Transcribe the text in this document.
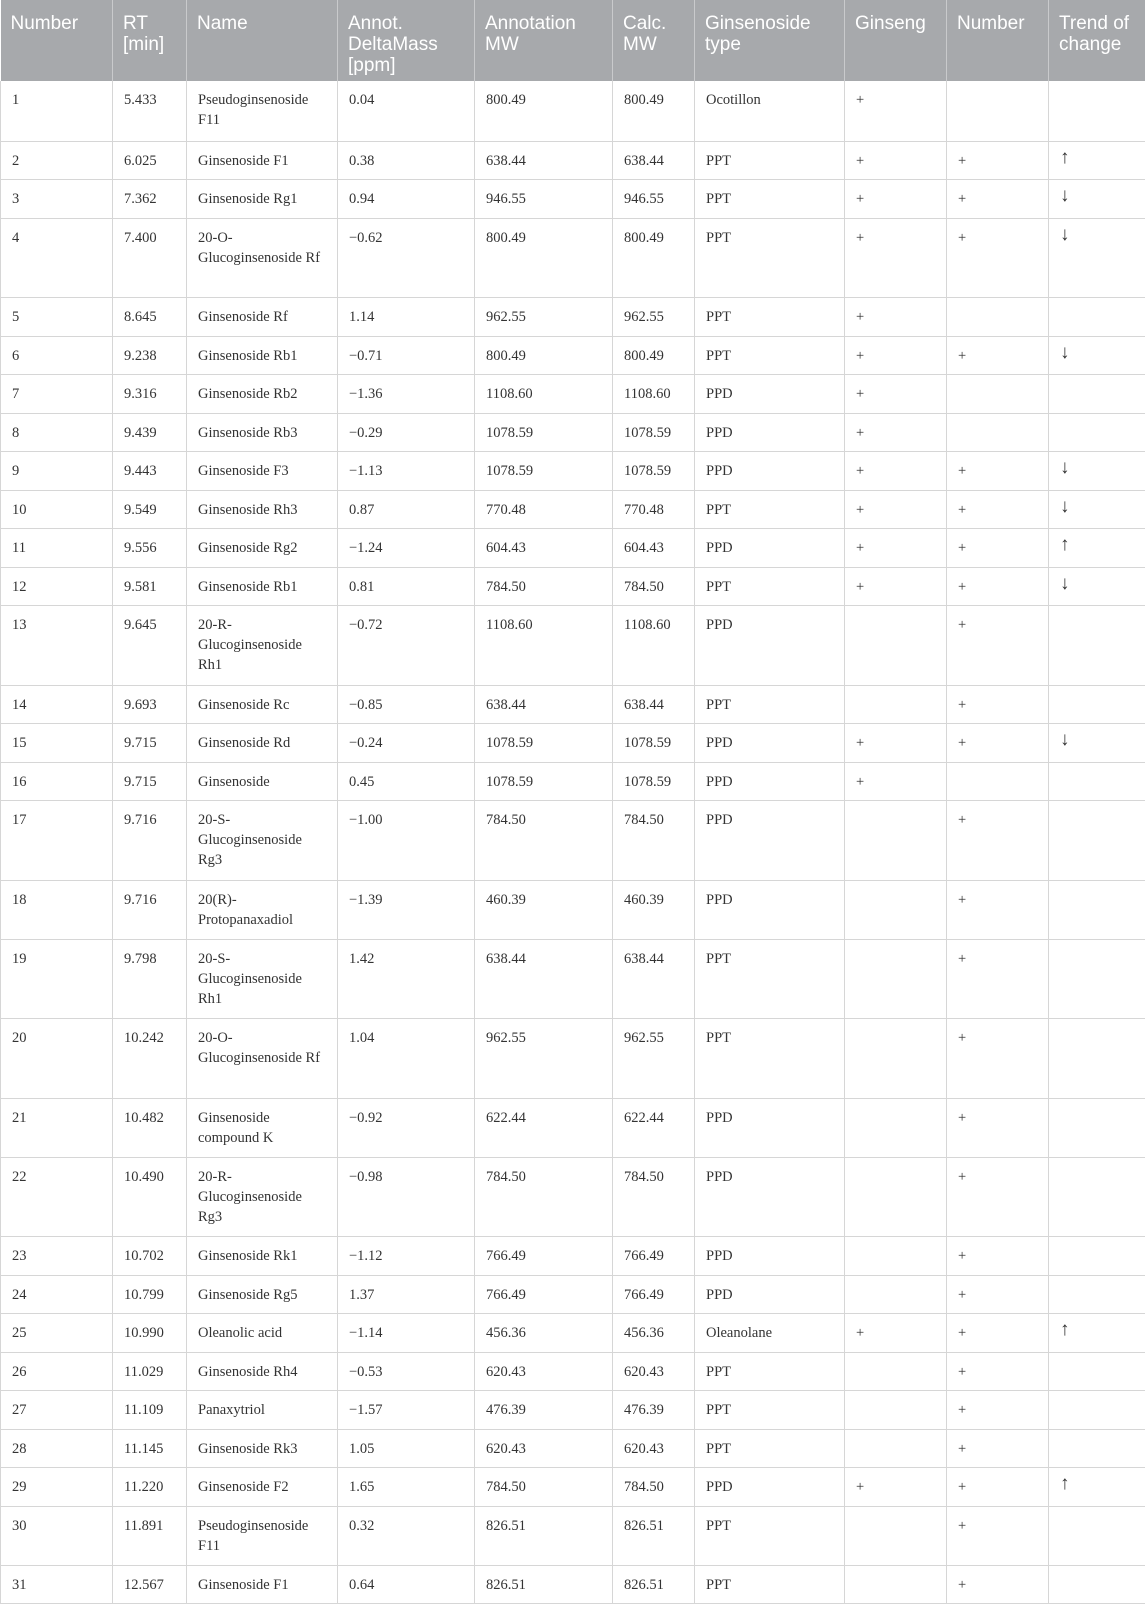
Number	RT [min]	Name	Annot. DeltaMass [ppm]	Annotation MW	Calc. MW	Ginsenoside type	Ginseng	Number	Trend of change
1	5.433	Pseudoginsenoside F11	0.04	800.49	800.49	Ocotillon	+		
2	6.025	Ginsenoside F1	0.38	638.44	638.44	PPT	+	+	↑
3	7.362	Ginsenoside Rg1	0.94	946.55	946.55	PPT	+	+	↓
4	7.400	20-O-Glucoginsenoside Rf	−0.62	800.49	800.49	PPT	+	+	↓
5	8.645	Ginsenoside Rf	1.14	962.55	962.55	PPT	+		
6	9.238	Ginsenoside Rb1	−0.71	800.49	800.49	PPT	+	+	↓
7	9.316	Ginsenoside Rb2	−1.36	1108.60	1108.60	PPD	+		
8	9.439	Ginsenoside Rb3	−0.29	1078.59	1078.59	PPD	+		
9	9.443	Ginsenoside F3	−1.13	1078.59	1078.59	PPD	+	+	↓
10	9.549	Ginsenoside Rh3	0.87	770.48	770.48	PPT	+	+	↓
11	9.556	Ginsenoside Rg2	−1.24	604.43	604.43	PPD	+	+	↑
12	9.581	Ginsenoside Rb1	0.81	784.50	784.50	PPT	+	+	↓
13	9.645	20-R-Glucoginsenoside Rh1	−0.72	1108.60	1108.60	PPD		+	
14	9.693	Ginsenoside Rc	−0.85	638.44	638.44	PPT		+	
15	9.715	Ginsenoside Rd	−0.24	1078.59	1078.59	PPD	+	+	↓
16	9.715	Ginsenoside	0.45	1078.59	1078.59	PPD	+		
17	9.716	20-S-Glucoginsenoside Rg3	−1.00	784.50	784.50	PPD		+	
18	9.716	20(R)-Protopanaxadiol	−1.39	460.39	460.39	PPD		+	
19	9.798	20-S-Glucoginsenoside Rh1	1.42	638.44	638.44	PPT		+	
20	10.242	20-O-Glucoginsenoside Rf	1.04	962.55	962.55	PPT		+	
21	10.482	Ginsenoside compound K	−0.92	622.44	622.44	PPD		+	
22	10.490	20-R-Glucoginsenoside Rg3	−0.98	784.50	784.50	PPD		+	
23	10.702	Ginsenoside Rk1	−1.12	766.49	766.49	PPD		+	
24	10.799	Ginsenoside Rg5	1.37	766.49	766.49	PPD		+	
25	10.990	Oleanolic acid	−1.14	456.36	456.36	Oleanolane	+	+	↑
26	11.029	Ginsenoside Rh4	−0.53	620.43	620.43	PPT		+	
27	11.109	Panaxytriol	−1.57	476.39	476.39	PPT		+	
28	11.145	Ginsenoside Rk3	1.05	620.43	620.43	PPT		+	
29	11.220	Ginsenoside F2	1.65	784.50	784.50	PPD	+	+	↑
30	11.891	Pseudoginsenoside F11	0.32	826.51	826.51	PPT		+	
31	12.567	Ginsenoside F1	0.64	826.51	826.51	PPT		+	
